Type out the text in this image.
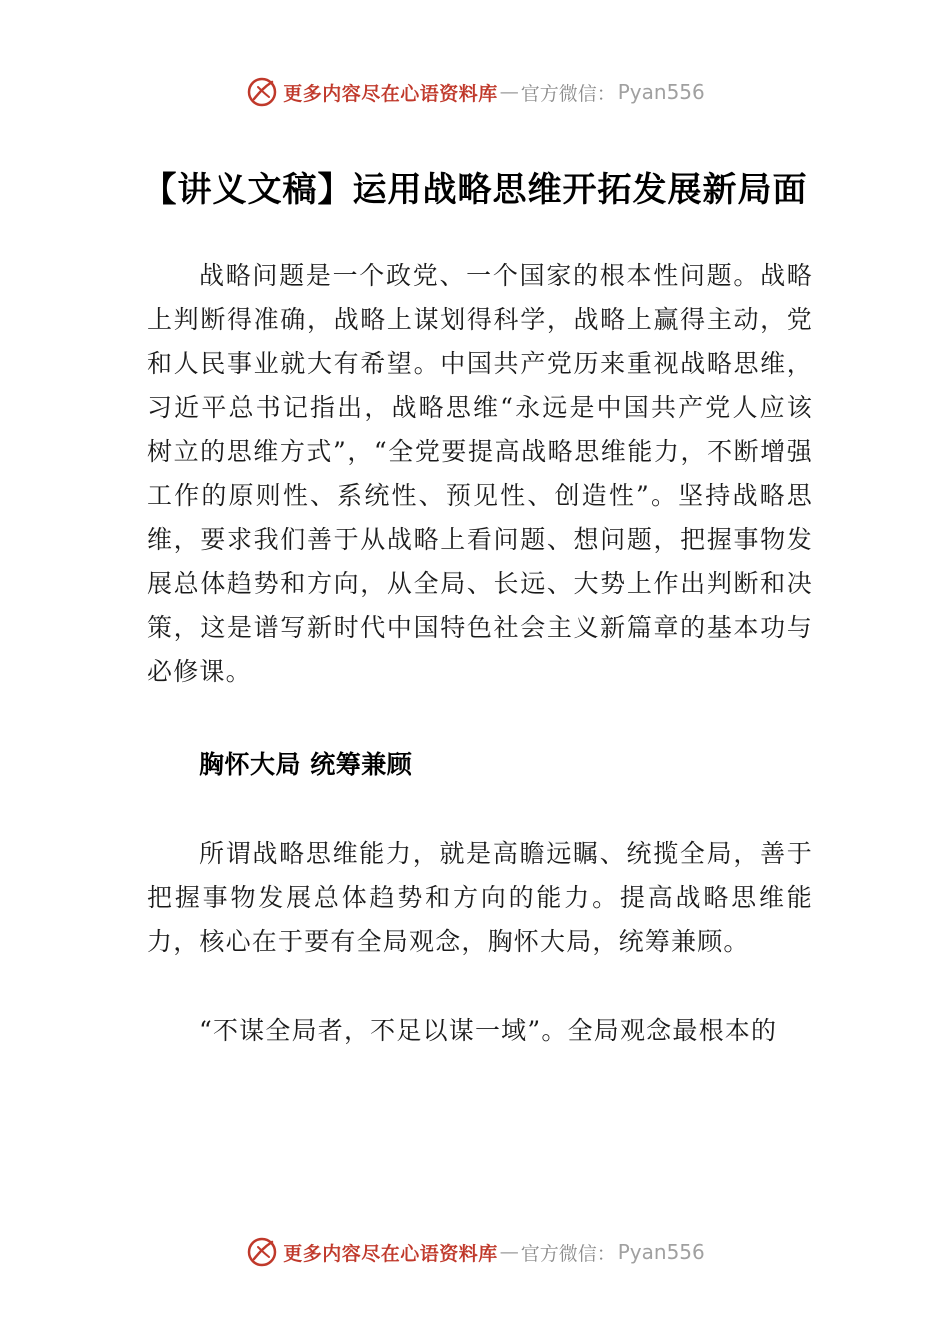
更多内容尽在心语资料库 — 官方微信： Pyan556
【讲义文稿】运用战略思维开拓发展新局面

战略问题是一个政党、一个国家的根本性问题。战略上判断得准确，战略上谋划得科学，战略上赢得主动，党和人民事业就大有希望。中国共产党历来重视战略思维，习近平总书记指出，战略思维“永远是中国共产党人应该树立的思维方式”，“全党要提高战略思维能力，不断增强工作的原则性、系统性、预见性、创造性”。坚持战略思维，要求我们善于从战略上看问题、想问题，把握事物发展总体趋势和方向，从全局、长远、大势上作出判断和决策，这是谱写新时代中国特色社会主义新篇章的基本功与必修课。

胸怀大局 统筹兼顾

所谓战略思维能力，就是高瞻远瞩、统揽全局，善于把握事物发展总体趋势和方向的能力。提高战略思维能力，核心在于要有全局观念，胸怀大局，统筹兼顾。

“不谋全局者，不足以谋一域”。全局观念最根本的

更多内容尽在心语资料库 — 官方微信： Pyan556
